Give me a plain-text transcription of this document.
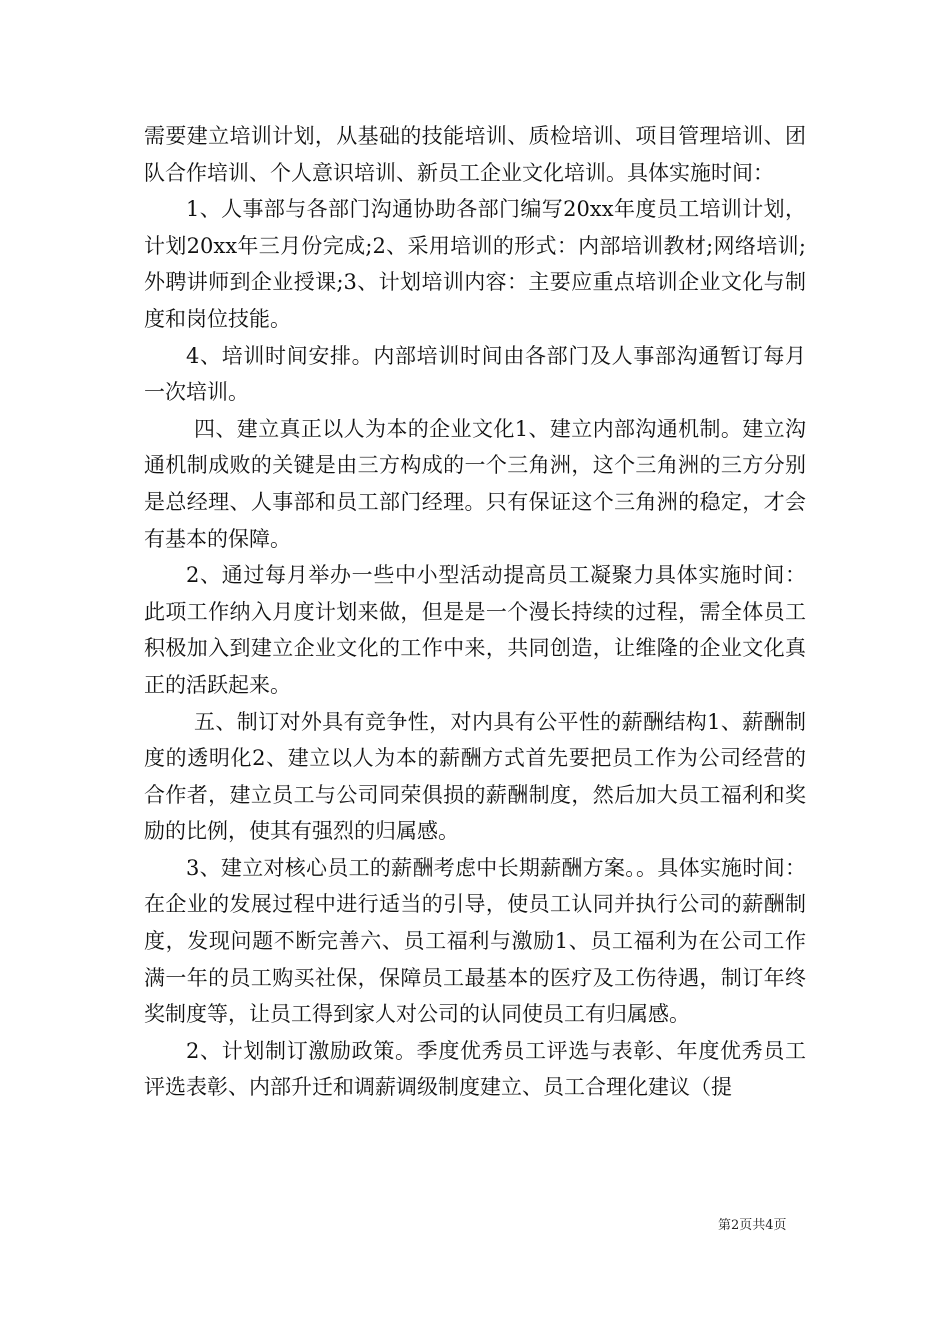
需要建立培训计划，从基础的技能培训、质检培训、项目管理培训、团队合作培训、个人意识培训、新员工企业文化培训。具体实施时间：

1、人事部与各部门沟通协助各部门编写20xx年度员工培训计划，计划20xx年三月份完成;2、采用培训的形式：内部培训教材;网络培训;外聘讲师到企业授课;3、计划培训内容：主要应重点培训企业文化与制度和岗位技能。

4、培训时间安排。内部培训时间由各部门及人事部沟通暂订每月一次培训。

四、建立真正以人为本的企业文化1、建立内部沟通机制。建立沟通机制成败的关键是由三方构成的一个三角洲，这个三角洲的三方分别是总经理、人事部和员工部门经理。只有保证这个三角洲的稳定，才会有基本的保障。

2、通过每月举办一些中小型活动提高员工凝聚力具体实施时间：此项工作纳入月度计划来做，但是是一个漫长持续的过程，需全体员工积极加入到建立企业文化的工作中来，共同创造，让维隆的企业文化真正的活跃起来。

五、制订对外具有竞争性，对内具有公平性的薪酬结构1、薪酬制度的透明化2、建立以人为本的薪酬方式首先要把员工作为公司经营的合作者，建立员工与公司同荣俱损的薪酬制度，然后加大员工福利和奖励的比例，使其有强烈的归属感。

3、建立对核心员工的薪酬考虑中长期薪酬方案。。具体实施时间：在企业的发展过程中进行适当的引导，使员工认同并执行公司的薪酬制度，发现问题不断完善六、员工福利与激励1、员工福利为在公司工作满一年的员工购买社保，保障员工最基本的医疗及工伤待遇，制订年终奖制度等，让员工得到家人对公司的认同使员工有归属感。

2、计划制订激励政策。季度优秀员工评选与表彰、年度优秀员工评选表彰、内部升迁和调薪调级制度建立、员工合理化建议（提

第2页共4页
